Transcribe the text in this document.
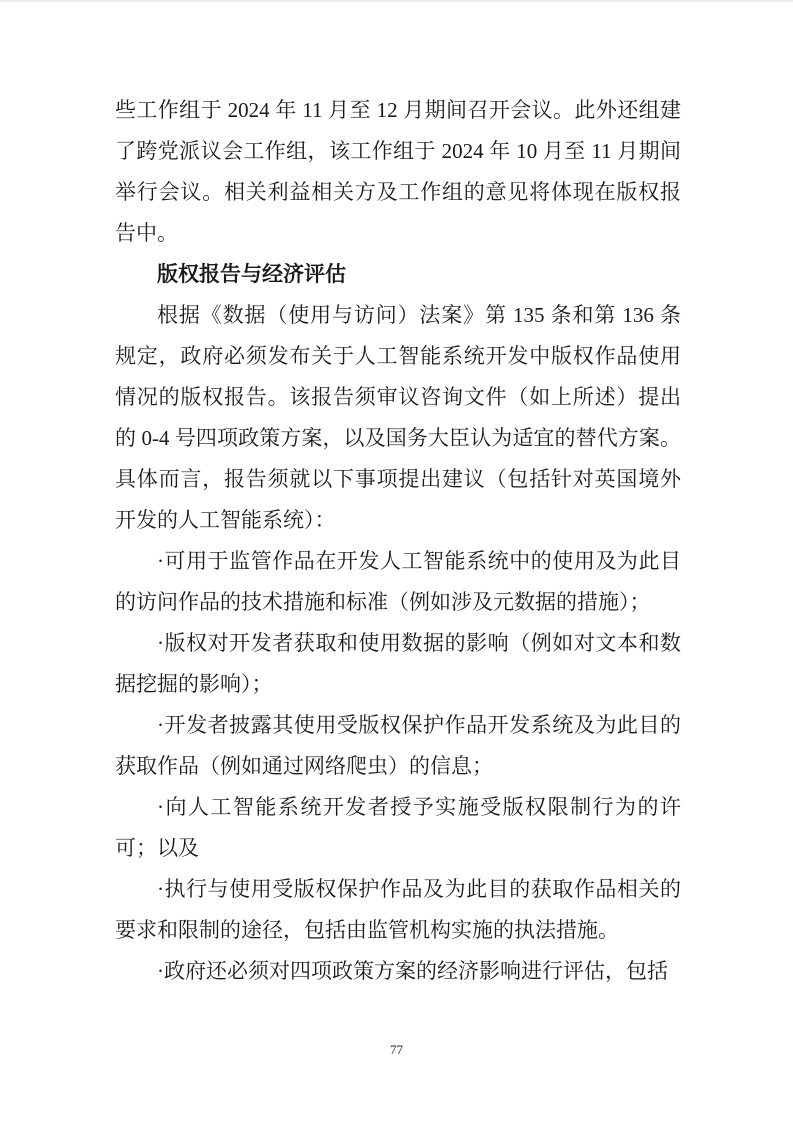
些工作组于 2024 年 11 月至 12 月期间召开会议。此外还组建了跨党派议会工作组，该工作组于 2024 年 10 月至 11 月期间举行会议。相关利益相关方及工作组的意见将体现在版权报告中。
版权报告与经济评估
根据《数据（使用与访问）法案》第 135 条和第 136 条规定，政府必须发布关于人工智能系统开发中版权作品使用情况的版权报告。该报告须审议咨询文件（如上所述）提出的 0-4 号四项政策方案，以及国务大臣认为适宜的替代方案。具体而言，报告须就以下事项提出建议（包括针对英国境外开发的人工智能系统）：
·可用于监管作品在开发人工智能系统中的使用及为此目的访问作品的技术措施和标准（例如涉及元数据的措施）；
·版权对开发者获取和使用数据的影响（例如对文本和数据挖掘的影响）；
·开发者披露其使用受版权保护作品开发系统及为此目的获取作品（例如通过网络爬虫）的信息；
·向人工智能系统开发者授予实施受版权限制行为的许可；以及
·执行与使用受版权保护作品及为此目的获取作品相关的要求和限制的途径，包括由监管机构实施的执法措施。
·政府还必须对四项政策方案的经济影响进行评估，包括
77
